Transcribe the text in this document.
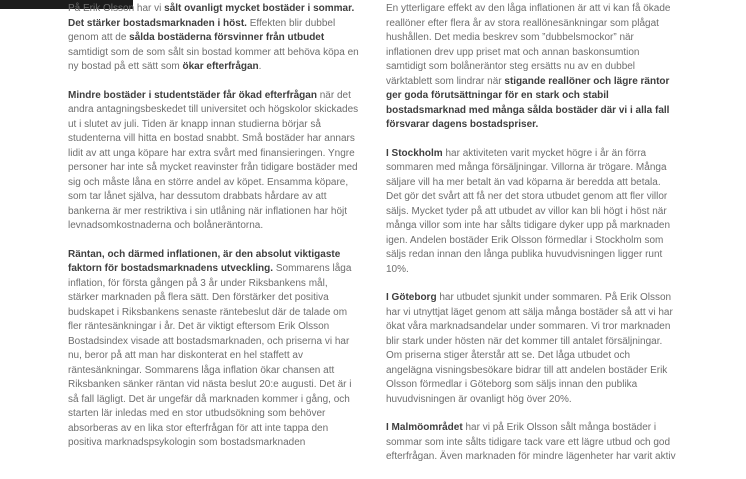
På Erik Olsson har vi sålt ovanligt mycket bostäder i sommar. Det stärker bostadsmarknaden i höst. Effekten blir dubbel genom att de sålda bostäderna försvinner från utbudet samtidigt som de som sålt sin bostad kommer att behöva köpa en ny bostad på ett sätt som ökar efterfrågan.

Mindre bostäder i studentstäder får ökad efterfrågan när det andra antagningsbeskedet till universitet och högskolor skickades ut i slutet av juli. Tiden är knapp innan studierna börjar så studenterna vill hitta en bostad snabbt. Små bostäder har annars lidit av att unga köpare har extra svårt med finansieringen. Yngre personer har inte så mycket reavinster från tidigare bostäder med sig och måste låna en större andel av köpet. Ensamma köpare, som tar lånet själva, har dessutom drabbats hårdare av att bankerna är mer restriktiva i sin utlåning när inflationen har höjt levnadsomkostnaderna och bolåneräntorna.

Räntan, och därmed inflationen, är den absolut viktigaste faktorn för bostadsmarknadens utveckling. Sommarens låga inflation, för första gången på 3 år under Riksbankens mål, stärker marknaden på flera sätt. Den förstärker det positiva budskapet i Riksbankens senaste räntebeslut där de talade om fler räntesänkningar i år. Det är viktigt eftersom Erik Olsson Bostadsindex visade att bostadsmarknaden, och priserna vi har nu, beror på att man har diskonterat en hel staffett av räntesänkningar. Sommarens låga inflation ökar chansen att Riksbanken sänker räntan vid nästa beslut 20:e augusti. Det är i så fall lägligt. Det är ungefär då marknaden kommer i gång, och starten lär inledas med en stor utbudsökning som behöver absorberas av en lika stor efterfrågan för att inte tappa den positiva marknadspsykologin som bostadsmarknaden

En ytterligare effekt av den låga inflationen är att vi kan få ökade reallöner efter flera år av stora reallönesänkningar som plågat hushållen. Det media beskrev som ”dubbelsmockor” när inflationen drev upp priset mat och annan baskonsumtion samtidigt som bolåneräntor steg ersätts nu av en dubbel värktablett som lindrar när stigande reallöner och lägre räntor ger goda förutsättningar för en stark och stabil bostadsmarknad med många sålda bostäder där vi i alla fall försvarar dagens bostadspriser.

I Stockholm har aktiviteten varit mycket högre i år än förra sommaren med många försäljningar. Villorna är trögare. Många säljare vill ha mer betalt än vad köparna är beredda att betala. Det gör det svårt att få ner det stora utbudet genom att fler villor säljs. Mycket tyder på att utbudet av villor kan bli högt i höst när många villor som inte har sålts tidigare dyker upp på marknaden igen. Andelen bostäder Erik Olsson förmedlar i Stockholm som säljs redan innan den långa publika huvudvisningen ligger runt 10%.

I Göteborg har utbudet sjunkit under sommaren. På Erik Olsson har vi utnyttjat läget genom att sälja många bostäder så att vi har ökat våra marknadsandelar under sommaren. Vi tror marknaden blir stark under hösten när det kommer till antalet försäljningar. Om priserna stiger återstår att se. Det låga utbudet och angelägna visningsbesökare bidrar till att andelen bostäder Erik Olsson förmedlar i Göteborg som säljs innan den publika huvudvisningen är ovanligt hög över 20%.

I Malmöområdet har vi på Erik Olsson sålt många bostäder i sommar som inte sålts tidigare tack vare ett lägre utbud och god efterfrågan. Även marknaden för mindre lägenheter har varit aktiv
